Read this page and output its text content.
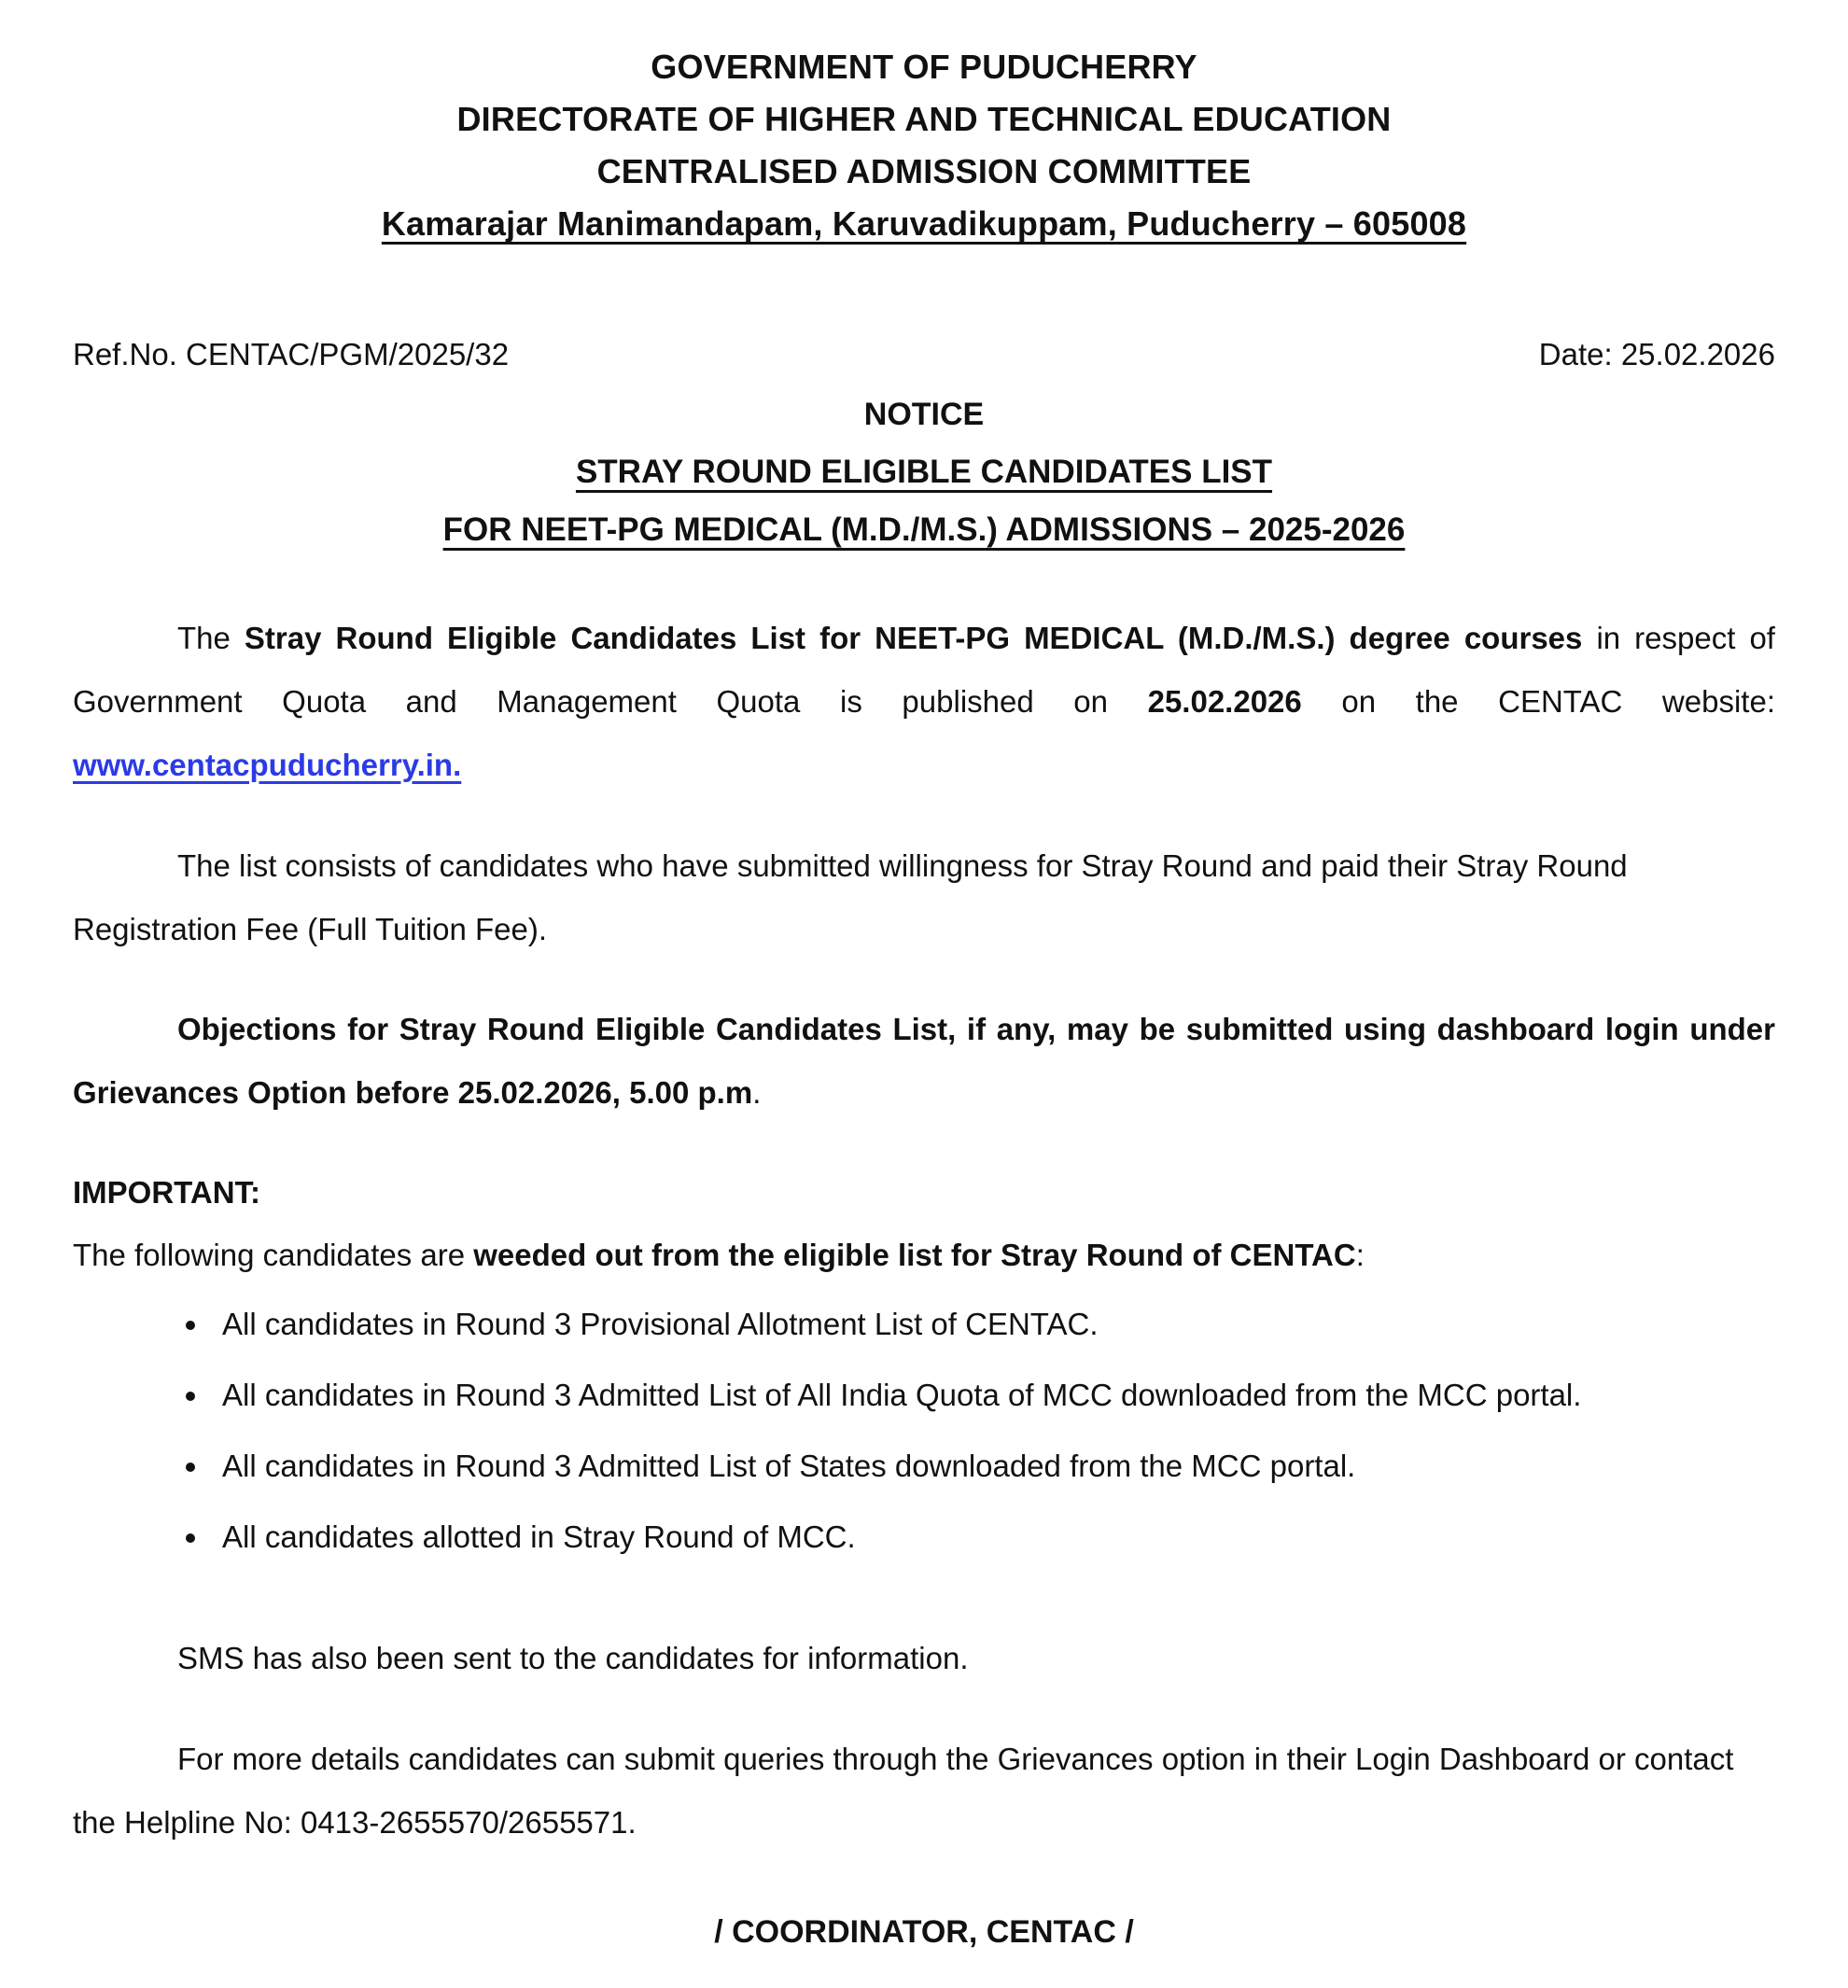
GOVERNMENT OF PUDUCHERRY
DIRECTORATE OF HIGHER AND TECHNICAL EDUCATION
CENTRALISED ADMISSION COMMITTEE
Kamarajar Manimandapam, Karuvadikuppam, Puducherry – 605008
Ref.No. CENTAC/PGM/2025/32	Date: 25.02.2026
NOTICE
STRAY ROUND ELIGIBLE CANDIDATES LIST
FOR NEET-PG MEDICAL (M.D./M.S.) ADMISSIONS – 2025-2026

The Stray Round Eligible Candidates List for NEET-PG MEDICAL (M.D./M.S.) degree courses in respect of Government Quota and Management Quota is published on 25.02.2026 on the CENTAC website: www.centacpuducherry.in.

The list consists of candidates who have submitted willingness for Stray Round and paid their Stray Round Registration Fee (Full Tuition Fee).

Objections for Stray Round Eligible Candidates List, if any, may be submitted using dashboard login under Grievances Option before 25.02.2026, 5.00 p.m.

IMPORTANT:

The following candidates are weeded out from the eligible list for Stray Round of CENTAC:

• All candidates in Round 3 Provisional Allotment List of CENTAC.
• All candidates in Round 3 Admitted List of All India Quota of MCC downloaded from the MCC portal.
• All candidates in Round 3 Admitted List of States downloaded from the MCC portal.
• All candidates allotted in Stray Round of MCC.

SMS has also been sent to the candidates for information.

For more details candidates can submit queries through the Grievances option in their Login Dashboard or contact the Helpline No: 0413-2655570/2655571.

/ COORDINATOR, CENTAC /
